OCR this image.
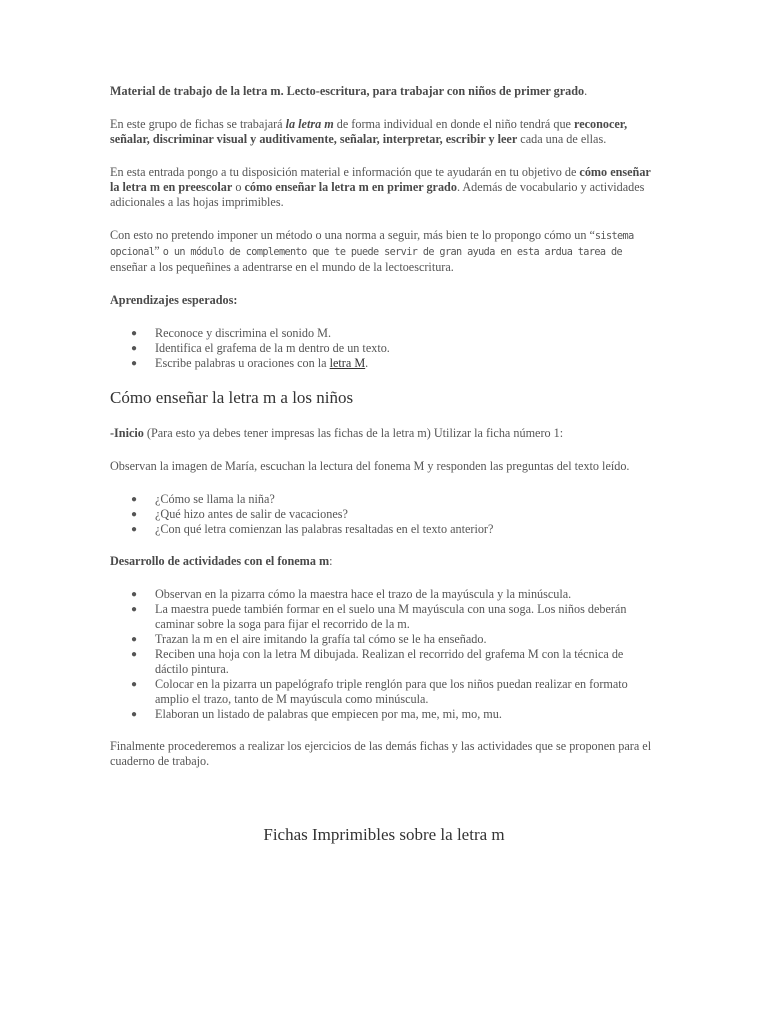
Material de trabajo de la letra m. Lecto-escritura, para trabajar con niños de primer grado.

En este grupo de fichas se trabajará la letra m de forma individual en donde el niño tendrá que reconocer, señalar, discriminar visual y auditivamente, señalar, interpretar, escribir y leer cada una de ellas.

En esta entrada pongo a tu disposición material e información que te ayudarán en tu objetivo de cómo enseñar la letra m en preescolar o cómo enseñar la letra m en primer grado. Además de vocabulario y actividades adicionales a las hojas imprimibles.

Con esto no pretendo imponer un método o una norma a seguir, más bien te lo propongo cómo un “sistema opcional” o un módulo de complemento que te puede servir de gran ayuda en esta ardua tarea de enseñar a los pequeñines a adentrarse en el mundo de la lectoescritura.

Aprendizajes esperados:

● Reconoce y discrimina el sonido M.
● Identifica el grafema de la m dentro de un texto.
● Escribe palabras u oraciones con la letra M.
Cómo enseñar la letra m a los niños

-Inicio (Para esto ya debes tener impresas las fichas de la letra m) Utilizar la ficha número 1:

Observan la imagen de María, escuchan la lectura del fonema M y responden las preguntas del texto leído.

● ¿Cómo se llama la niña?
● ¿Qué hizo antes de salir de vacaciones?
● ¿Con qué letra comienzan las palabras resaltadas en el texto anterior?

Desarrollo de actividades con el fonema m:

● Observan en la pizarra cómo la maestra hace el trazo de la mayúscula y la minúscula.
● La maestra puede también formar en el suelo una M mayúscula con una soga. Los niños deberán caminar sobre la soga para fijar el recorrido de la m.
● Trazan la m en el aire imitando la grafía tal cómo se le ha enseñado.
● Reciben una hoja con la letra M dibujada. Realizan el recorrido del grafema M con la técnica de dáctilo pintura.
● Colocar en la pizarra un papelógrafo triple renglón para que los niños puedan realizar en formato amplio el trazo, tanto de M mayúscula como minúscula.
● Elaboran un listado de palabras que empiecen por ma, me, mi, mo, mu.

Finalmente procederemos a realizar los ejercicios de las demás fichas y las actividades que se proponen para el cuaderno de trabajo.

Fichas Imprimibles sobre la letra m
